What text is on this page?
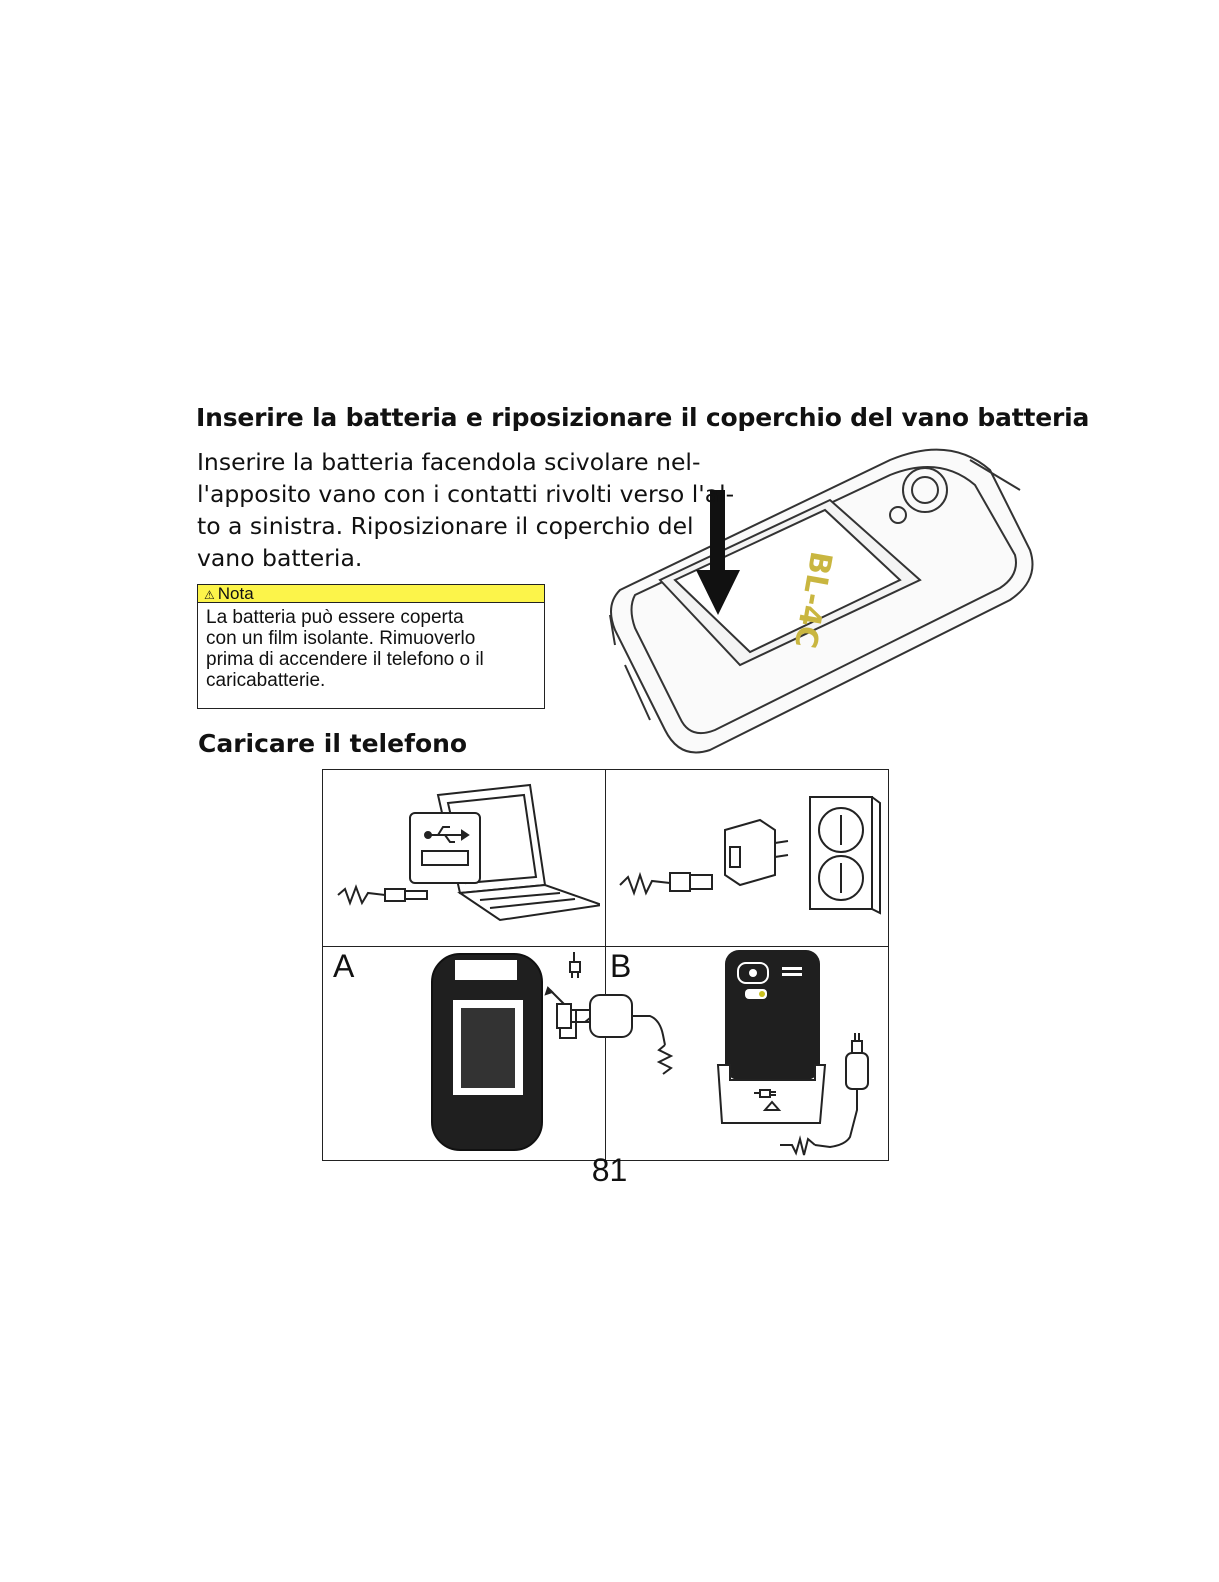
Inserire la batteria e riposizionare il coperchio del vano batteria
BL-4C
Inserire la batteria facendola scivolare nel-
l'apposito vano con i contatti rivolti verso l'al-
to a sinistra. Riposizionare il coperchio del
vano batteria.
⚠ Nota
La batteria può essere coperta
con un film isolante. Rimuoverlo
prima di accendere il telefono o il
caricabatterie.
Caricare il telefono
A	B
81
